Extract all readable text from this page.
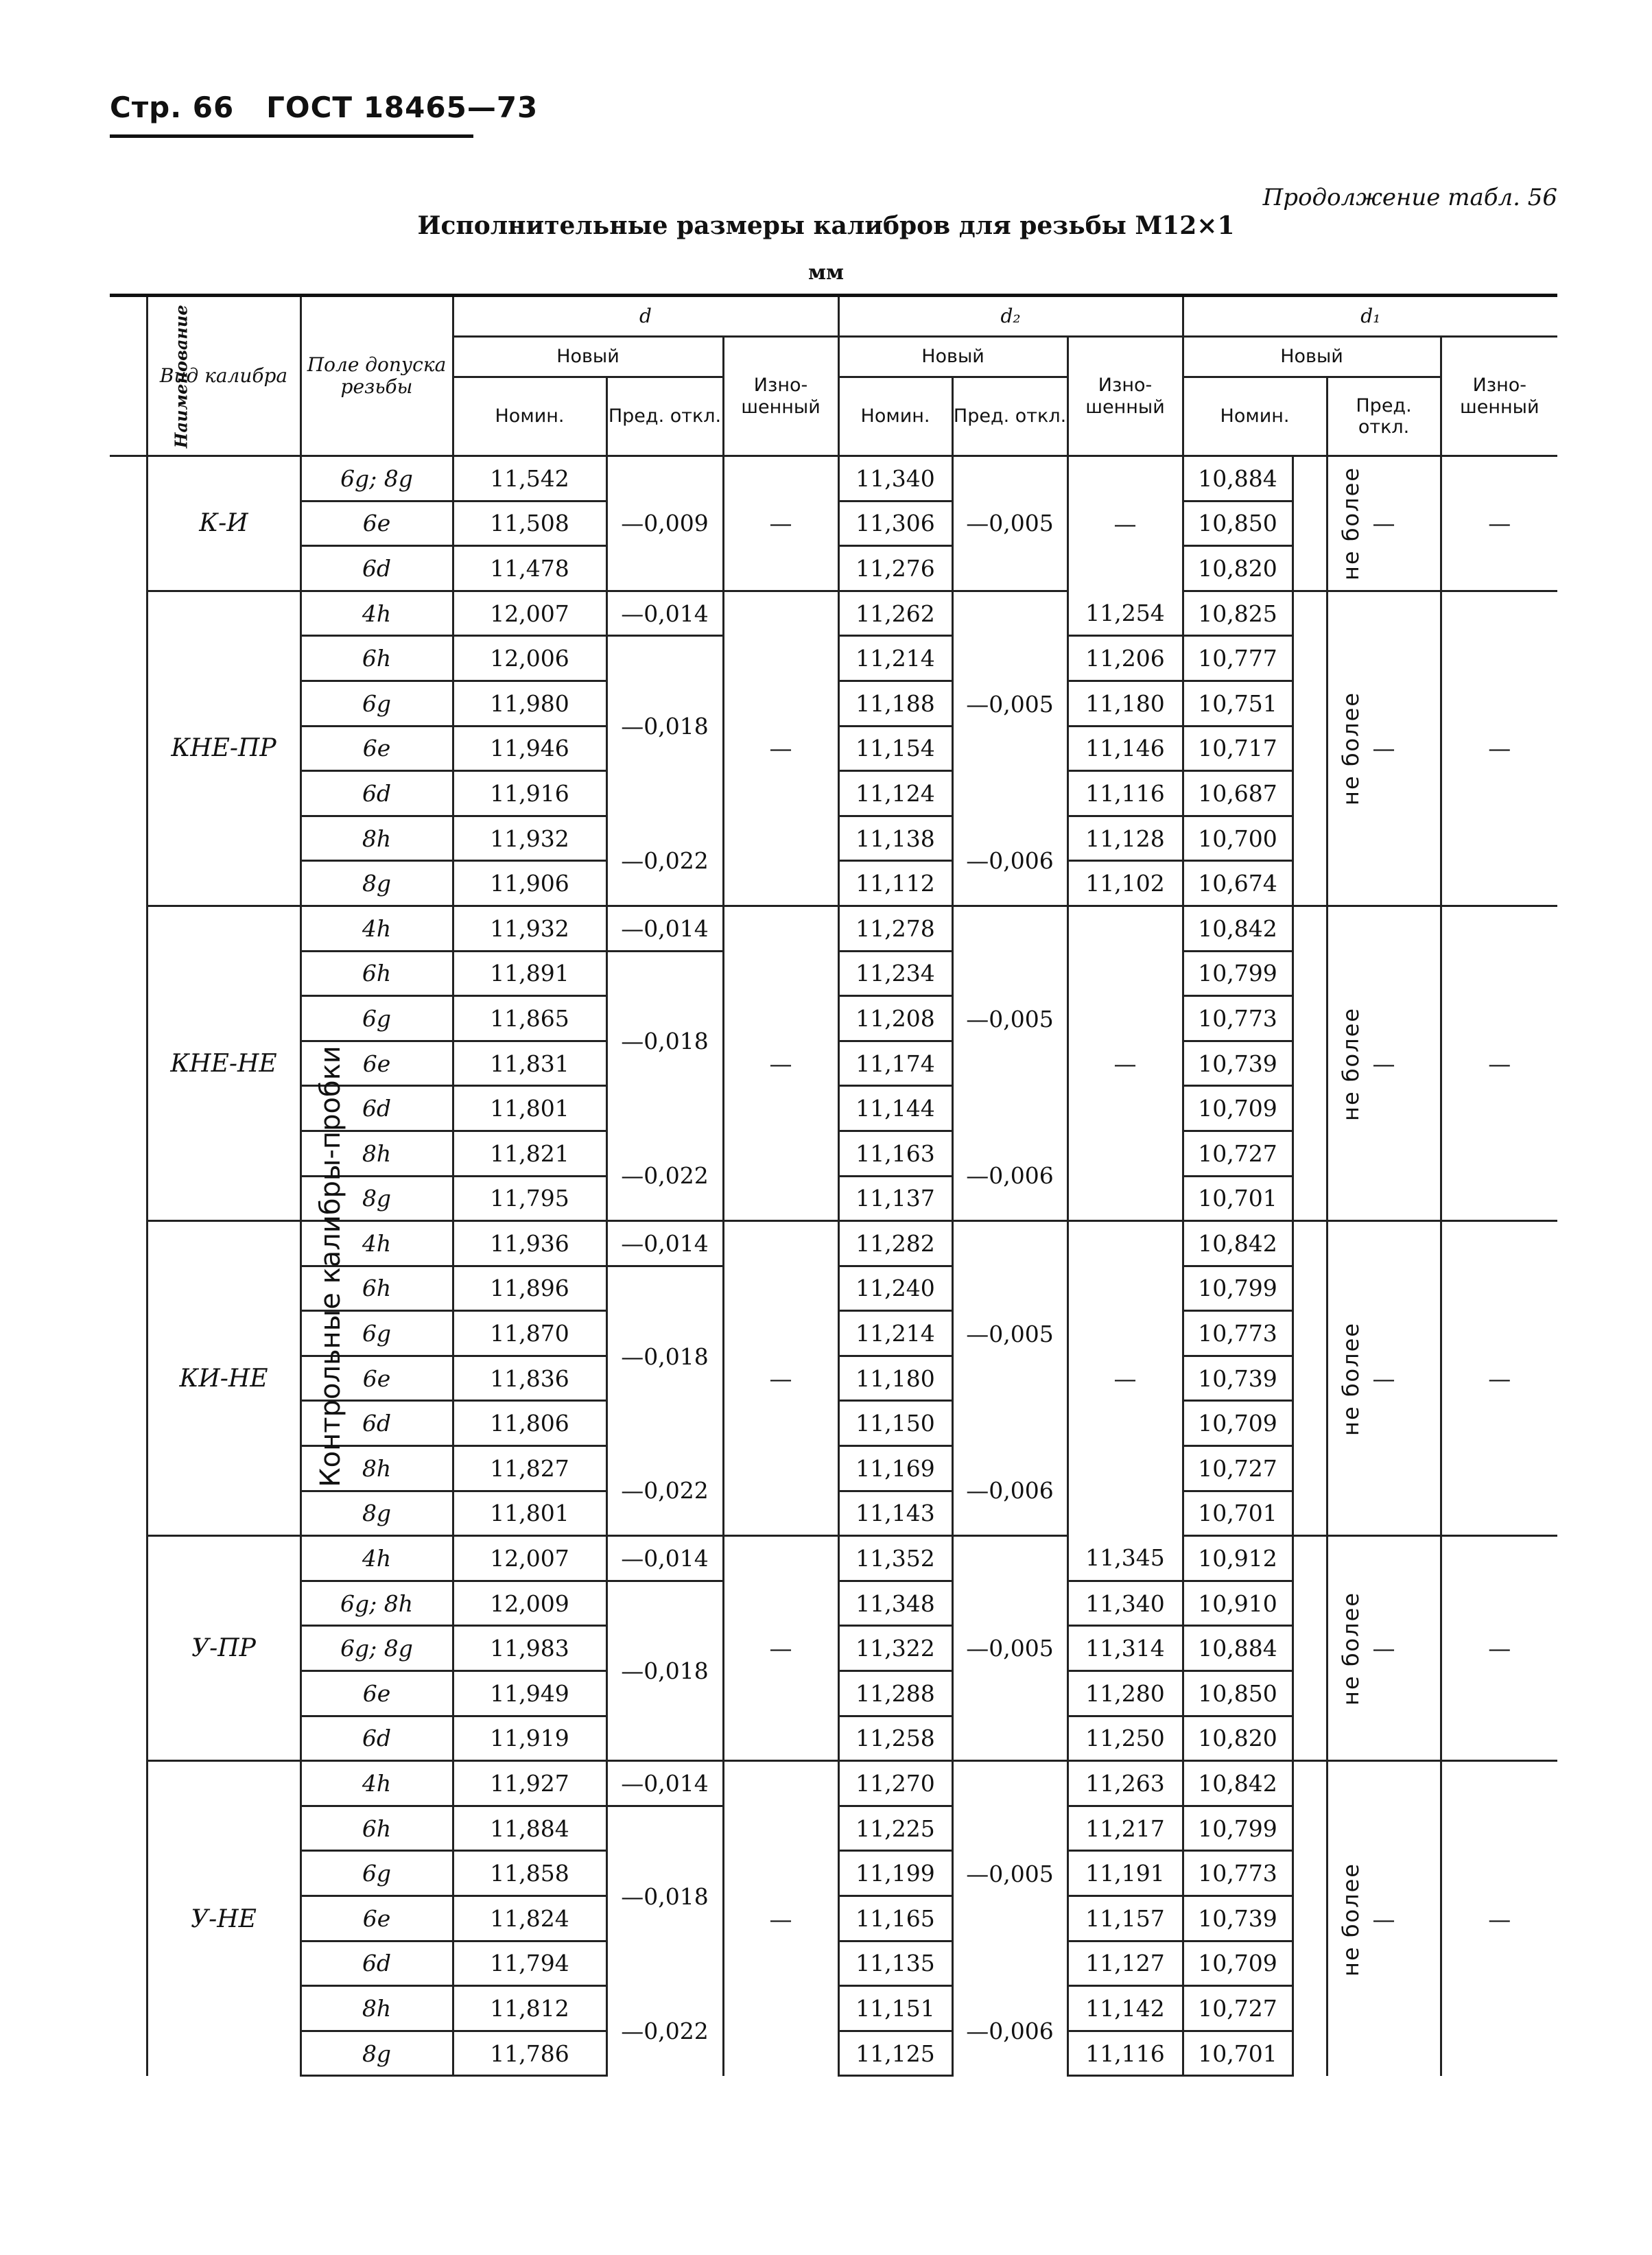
Стр. 66 ГОСТ 18465—73
Продолжение табл. 56
Исполнительные размеры калибров для резьбы М12×1
мм
Наименование	Вид калибра	Поле допуска резьбы	d			d₂			d₁			
			Новый		Изно-шенный	Новый		Изно-шенный	Новый			Изно-шенный
			Номин.	Пред. откл.		Номин.	Пред. откл.		Номин.		Пред. откл.	
Контрольные калибры-пробки	К-И	6g; 8g	11,542	—0,009	—	11,340	—0,005	—	10,884	не более	—	—
		6e	11,508			11,306			10,850			
		6d	11,478			11,276			10,820			
	КНЕ-ПР	4h	12,007	—0,014	—	11,262	—0,005	11,254	10,825	не более	—	—
		6h	12,006	—0,018		11,214		11,206	10,777			
		6g	11,980			11,188		11,180	10,751			
		6e	11,946			11,154		11,146	10,717			
		6d	11,916			11,124		11,116	10,687			
		8h	11,932	—0,022		11,138	—0,006	11,128	10,700			
		8g	11,906			11,112		11,102	10,674			
	КНЕ-НЕ	4h	11,932	—0,014	—	11,278	—0,005	—	10,842	не более	—	—
		6h	11,891	—0,018		11,234			10,799			
		6g	11,865			11,208			10,773			
		6e	11,831			11,174			10,739			
		6d	11,801			11,144			10,709			
		8h	11,821	—0,022		11,163	—0,006		10,727			
		8g	11,795			11,137			10,701			
	КИ-НЕ	4h	11,936	—0,014	—	11,282	—0,005	—	10,842	не более	—	—
		6h	11,896	—0,018		11,240			10,799			
		6g	11,870			11,214			10,773			
		6e	11,836			11,180			10,739			
		6d	11,806			11,150			10,709			
		8h	11,827	—0,022		11,169	—0,006		10,727			
		8g	11,801			11,143			10,701			
	У-ПР	4h	12,007	—0,014	—	11,352	—0,005	11,345	10,912	не более	—	—
		6g; 8h	12,009	—0,018		11,348		11,340	10,910			
		6g; 8g	11,983			11,322		11,314	10,884			
		6e	11,949			11,288		11,280	10,850			
		6d	11,919			11,258		11,250	10,820			
	У-НЕ	4h	11,927	—0,014	—	11,270	—0,005	11,263	10,842	не более	—	—
		6h	11,884	—0,018		11,225		11,217	10,799			
		6g	11,858			11,199		11,191	10,773			
		6e	11,824			11,165		11,157	10,739			
		6d	11,794			11,135		11,127	10,709			
		8h	11,812	—0,022		11,151	—0,006	11,142	10,727			
		8g	11,786			11,125		11,116	10,701			
